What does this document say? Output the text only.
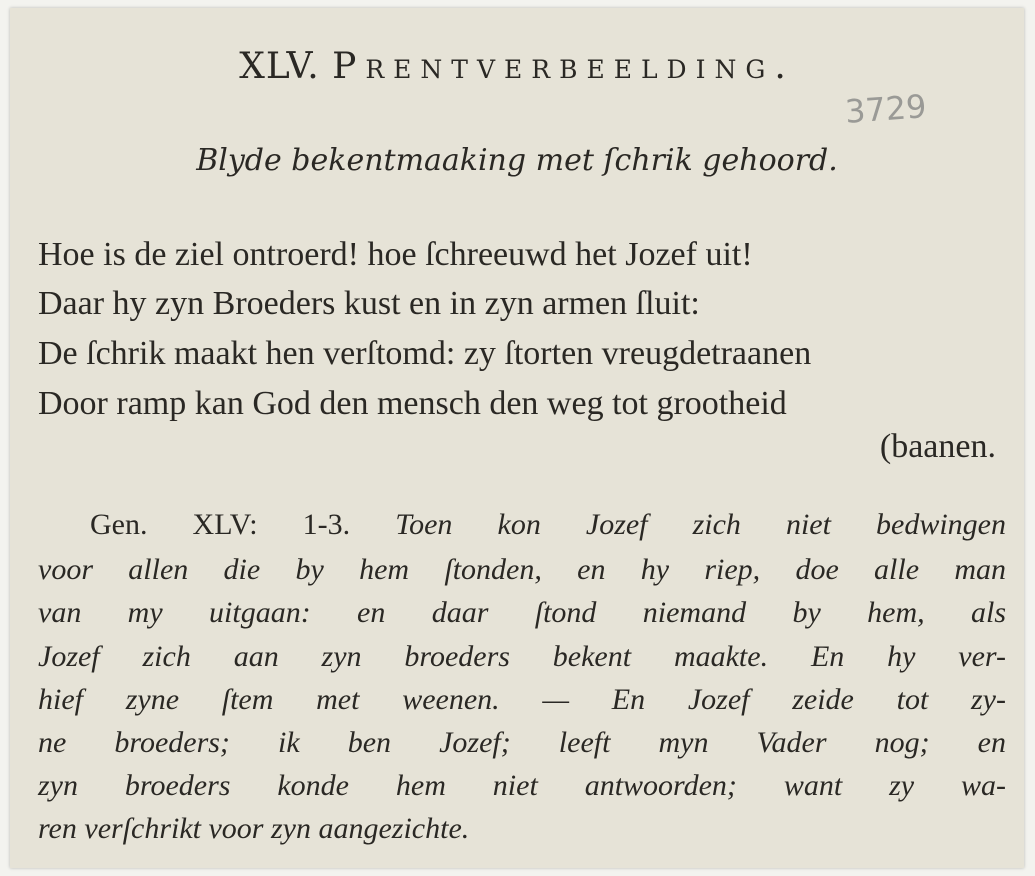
XLV. Prentverbeelding.
3729
Blyde bekentmaaking met ſchrik gehoord.
Hoe is de ziel ontroerd! hoe ſchreeuwd het Jozef uit!
Daar hy zyn Broeders kust en in zyn armen ſluit:
De ſchrik maakt hen verſtomd: zy ſtorten vreugdetraanen
Door ramp kan God den mensch den weg tot grootheid
(baanen.
Gen. XLV: 1-3. Toen kon Jozef zich niet bedwingen
voor allen die by hem ſtonden, en hy riep, doe alle man
van my uitgaan: en daar ſtond niemand by hem, als
Jozef zich aan zyn broeders bekent maakte. En hy ver-
hief zyne ſtem met weenen. — En Jozef zeide tot zy-
ne broeders; ik ben Jozef; leeft myn Vader nog; en
zyn broeders konde hem niet antwoorden; want zy wa-
ren verſchrikt voor zyn aangezichte.
